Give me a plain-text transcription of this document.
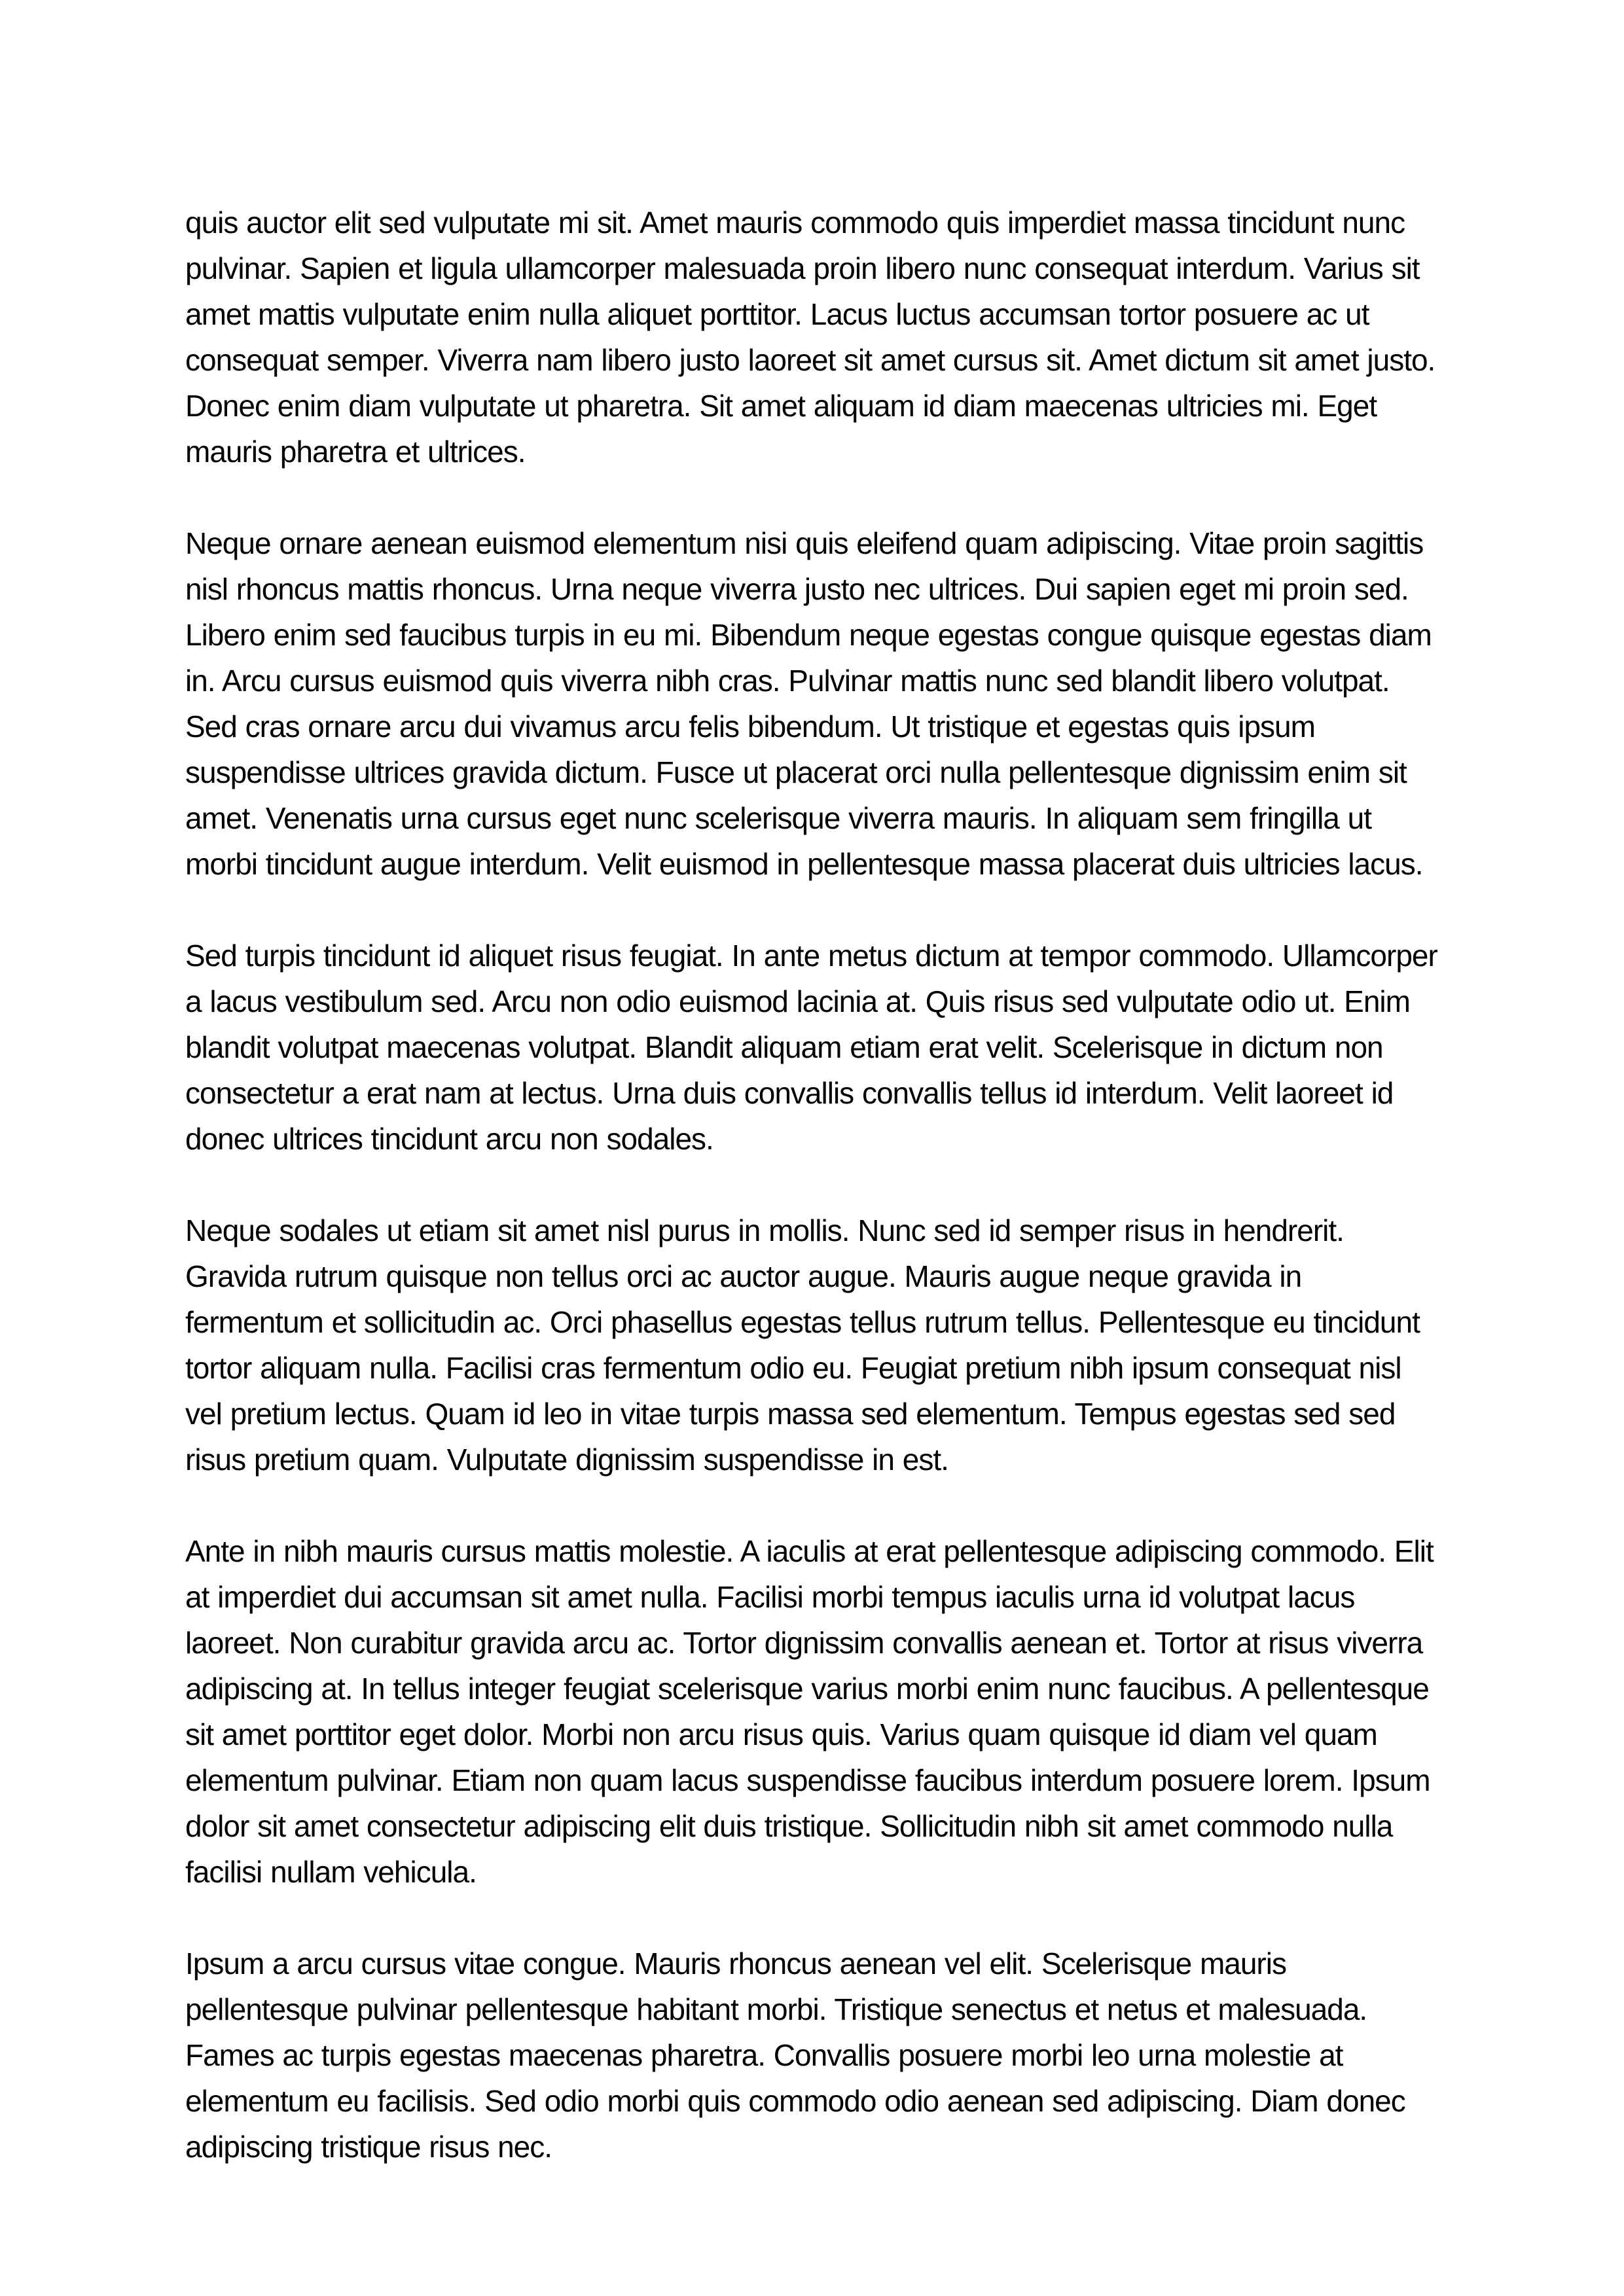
quis auctor elit sed vulputate mi sit. Amet mauris commodo quis imperdiet massa tincidunt nunc pulvinar. Sapien et ligula ullamcorper malesuada proin libero nunc consequat interdum. Varius sit amet mattis vulputate enim nulla aliquet porttitor. Lacus luctus accumsan tortor posuere ac ut consequat semper. Viverra nam libero justo laoreet sit amet cursus sit. Amet dictum sit amet justo. Donec enim diam vulputate ut pharetra. Sit amet aliquam id diam maecenas ultricies mi. Eget mauris pharetra et ultrices.

Neque ornare aenean euismod elementum nisi quis eleifend quam adipiscing. Vitae proin sagittis nisl rhoncus mattis rhoncus. Urna neque viverra justo nec ultrices. Dui sapien eget mi proin sed. Libero enim sed faucibus turpis in eu mi. Bibendum neque egestas congue quisque egestas diam in. Arcu cursus euismod quis viverra nibh cras. Pulvinar mattis nunc sed blandit libero volutpat. Sed cras ornare arcu dui vivamus arcu felis bibendum. Ut tristique et egestas quis ipsum suspendisse ultrices gravida dictum. Fusce ut placerat orci nulla pellentesque dignissim enim sit amet. Venenatis urna cursus eget nunc scelerisque viverra mauris. In aliquam sem fringilla ut morbi tincidunt augue interdum. Velit euismod in pellentesque massa placerat duis ultricies lacus.

Sed turpis tincidunt id aliquet risus feugiat. In ante metus dictum at tempor commodo. Ullamcorper a lacus vestibulum sed. Arcu non odio euismod lacinia at. Quis risus sed vulputate odio ut. Enim blandit volutpat maecenas volutpat. Blandit aliquam etiam erat velit. Scelerisque in dictum non consectetur a erat nam at lectus. Urna duis convallis convallis tellus id interdum. Velit laoreet id donec ultrices tincidunt arcu non sodales.

Neque sodales ut etiam sit amet nisl purus in mollis. Nunc sed id semper risus in hendrerit. Gravida rutrum quisque non tellus orci ac auctor augue. Mauris augue neque gravida in fermentum et sollicitudin ac. Orci phasellus egestas tellus rutrum tellus. Pellentesque eu tincidunt tortor aliquam nulla. Facilisi cras fermentum odio eu. Feugiat pretium nibh ipsum consequat nisl vel pretium lectus. Quam id leo in vitae turpis massa sed elementum. Tempus egestas sed sed risus pretium quam. Vulputate dignissim suspendisse in est.

Ante in nibh mauris cursus mattis molestie. A iaculis at erat pellentesque adipiscing commodo. Elit at imperdiet dui accumsan sit amet nulla. Facilisi morbi tempus iaculis urna id volutpat lacus laoreet. Non curabitur gravida arcu ac. Tortor dignissim convallis aenean et. Tortor at risus viverra adipiscing at. In tellus integer feugiat scelerisque varius morbi enim nunc faucibus. A pellentesque sit amet porttitor eget dolor. Morbi non arcu risus quis. Varius quam quisque id diam vel quam elementum pulvinar. Etiam non quam lacus suspendisse faucibus interdum posuere lorem. Ipsum dolor sit amet consectetur adipiscing elit duis tristique. Sollicitudin nibh sit amet commodo nulla facilisi nullam vehicula.

Ipsum a arcu cursus vitae congue. Mauris rhoncus aenean vel elit. Scelerisque mauris pellentesque pulvinar pellentesque habitant morbi. Tristique senectus et netus et malesuada. Fames ac turpis egestas maecenas pharetra. Convallis posuere morbi leo urna molestie at elementum eu facilisis. Sed odio morbi quis commodo odio aenean sed adipiscing. Diam donec adipiscing tristique risus nec.
